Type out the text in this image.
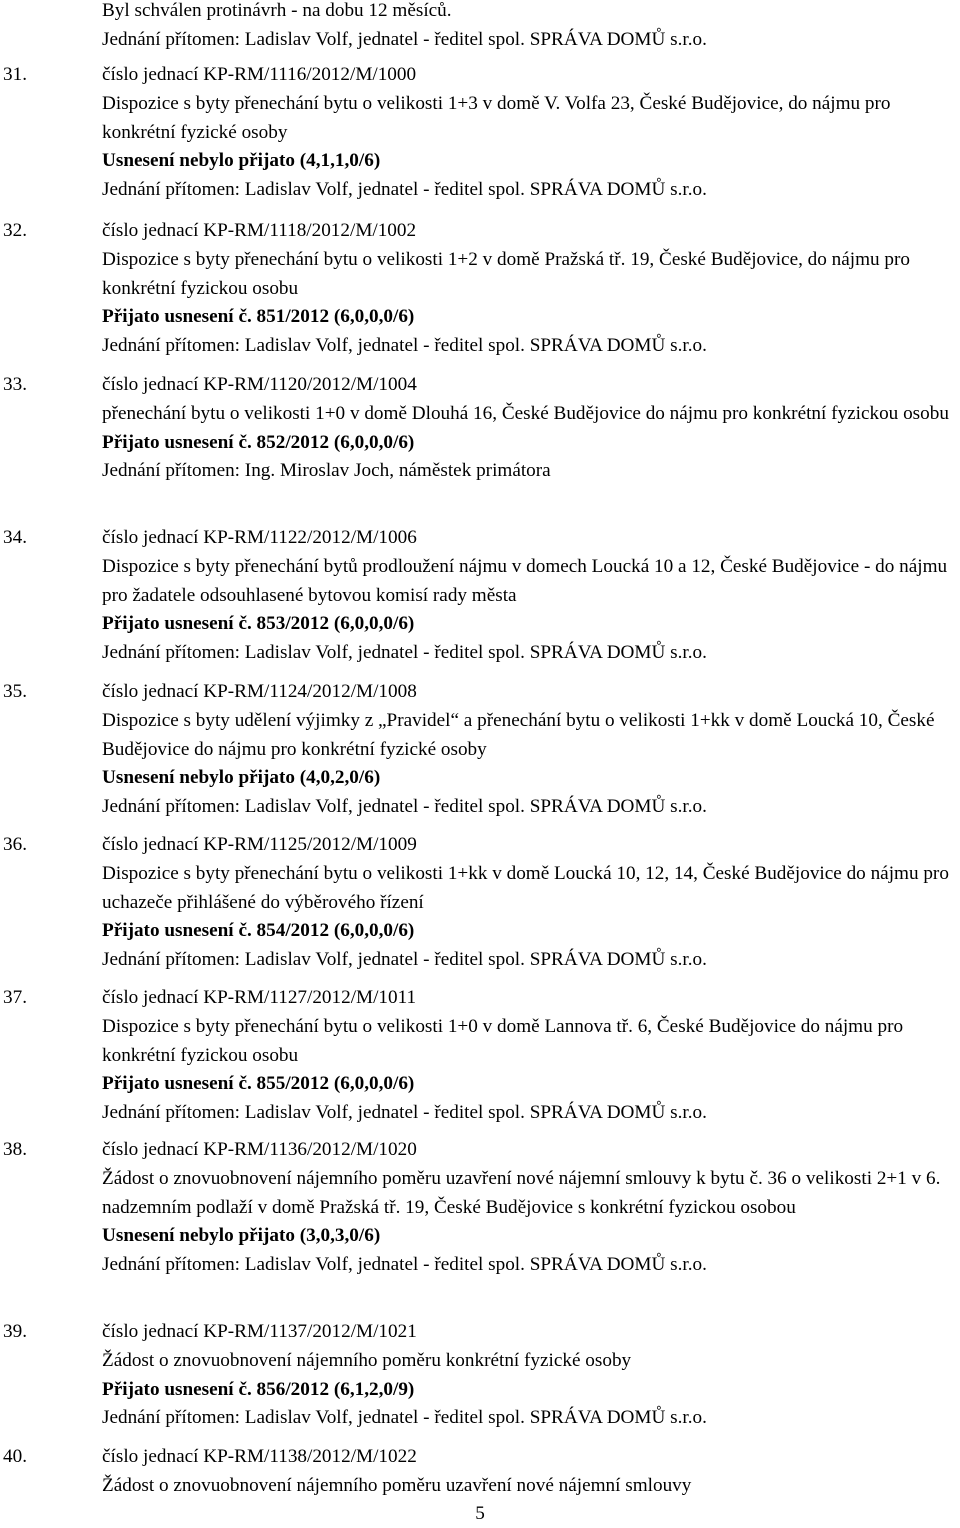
Byl schválen protinávrh - na dobu 12 měsíců.
Jednání přítomen: Ladislav Volf, jednatel - ředitel spol. SPRÁVA DOMŮ s.r.o.
31.	číslo jednací KP-RM/1116/2012/M/1000
Dispozice s byty přenechání bytu o velikosti 1+3 v domě V. Volfa 23, České Budějovice, do nájmu pro konkrétní fyzické osoby
Usnesení nebylo přijato (4,1,1,0/6)
Jednání přítomen: Ladislav Volf, jednatel - ředitel spol. SPRÁVA DOMŮ s.r.o.
32.	číslo jednací KP-RM/1118/2012/M/1002
Dispozice s byty přenechání bytu o velikosti 1+2 v domě Pražská tř. 19, České Budějovice, do nájmu pro konkrétní fyzickou osobu
Přijato usnesení č. 851/2012 (6,0,0,0/6)
Jednání přítomen: Ladislav Volf, jednatel - ředitel spol. SPRÁVA DOMŮ s.r.o.
33.	číslo jednací KP-RM/1120/2012/M/1004
přenechání bytu o velikosti 1+0 v domě Dlouhá 16, České Budějovice do nájmu pro konkrétní fyzickou osobu
Přijato usnesení č. 852/2012 (6,0,0,0/6)
Jednání přítomen: Ing. Miroslav Joch, náměstek primátora
34.	číslo jednací KP-RM/1122/2012/M/1006
Dispozice s byty přenechání bytů prodloužení nájmu v domech Loucká 10 a 12, České Budějovice - do nájmu pro žadatele odsouhlasené bytovou komisí rady města
Přijato usnesení č. 853/2012 (6,0,0,0/6)
Jednání přítomen: Ladislav Volf, jednatel - ředitel spol. SPRÁVA DOMŮ s.r.o.
35.	číslo jednací KP-RM/1124/2012/M/1008
Dispozice s byty udělení výjimky z „Pravidel“ a přenechání bytu o velikosti 1+kk v domě Loucká 10, České Budějovice do nájmu pro konkrétní fyzické osoby
Usnesení nebylo přijato (4,0,2,0/6)
Jednání přítomen: Ladislav Volf, jednatel - ředitel spol. SPRÁVA DOMŮ s.r.o.
36.	číslo jednací KP-RM/1125/2012/M/1009
Dispozice s byty přenechání bytu o velikosti 1+kk v domě Loucká 10, 12, 14, České Budějovice do nájmu pro uchazeče přihlášené do výběrového řízení
Přijato usnesení č. 854/2012 (6,0,0,0/6)
Jednání přítomen: Ladislav Volf, jednatel - ředitel spol. SPRÁVA DOMŮ s.r.o.
37.	číslo jednací KP-RM/1127/2012/M/1011
Dispozice s byty přenechání bytu o velikosti 1+0 v domě Lannova tř. 6, České Budějovice do nájmu pro konkrétní fyzickou osobu
Přijato usnesení č. 855/2012 (6,0,0,0/6)
Jednání přítomen: Ladislav Volf, jednatel - ředitel spol. SPRÁVA DOMŮ s.r.o.
38.	číslo jednací KP-RM/1136/2012/M/1020
Žádost o znovuobnovení nájemního poměru uzavření nové nájemní smlouvy k bytu č. 36 o velikosti 2+1 v 6. nadzemním podlaží v domě Pražská tř. 19, České Budějovice s konkrétní fyzickou osobou
Usnesení nebylo přijato (3,0,3,0/6)
Jednání přítomen: Ladislav Volf, jednatel - ředitel spol. SPRÁVA DOMŮ s.r.o.
39.	číslo jednací KP-RM/1137/2012/M/1021
Žádost o znovuobnovení nájemního poměru konkrétní fyzické osoby
Přijato usnesení č. 856/2012 (6,1,2,0/9)
Jednání přítomen: Ladislav Volf, jednatel - ředitel spol. SPRÁVA DOMŮ s.r.o.
40.	číslo jednací KP-RM/1138/2012/M/1022
Žádost o znovuobnovení nájemního poměru uzavření nové nájemní smlouvy
5
